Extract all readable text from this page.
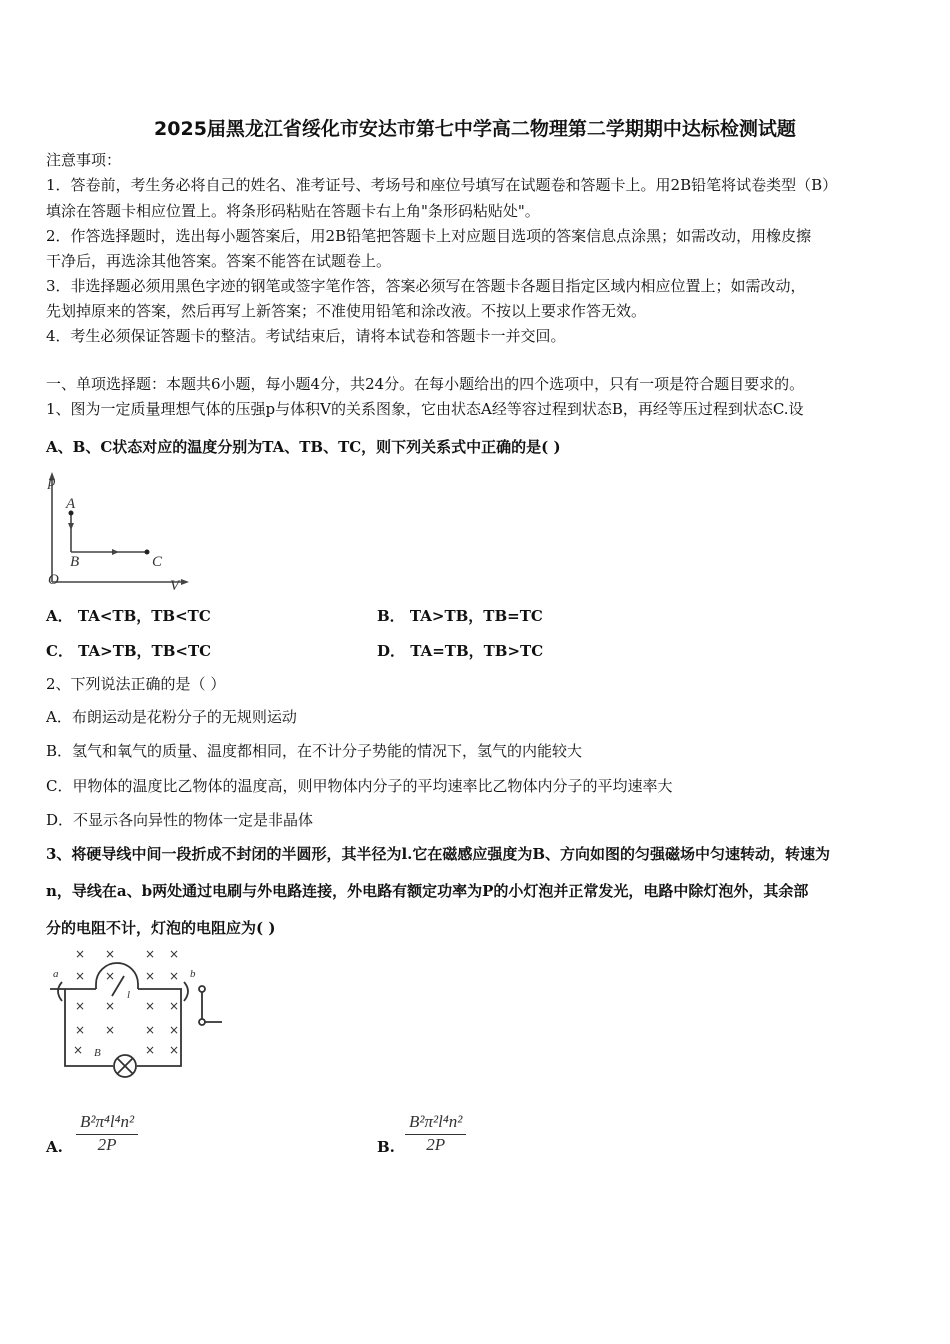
2025届黑龙江省绥化市安达市第七中学高二物理第二学期期中达标检测试题
注意事项：
1．答卷前，考生务必将自己的姓名、准考证号、考场号和座位号填写在试题卷和答题卡上。用2B铅笔将试卷类型（B）
填涂在答题卡相应位置上。将条形码粘贴在答题卡右上角"条形码粘贴处"。
2．作答选择题时，选出每小题答案后，用2B铅笔把答题卡上对应题目选项的答案信息点涂黑；如需改动，用橡皮擦
干净后，再选涂其他答案。答案不能答在试题卷上。
3．非选择题必须用黑色字迹的钢笔或签字笔作答，答案必须写在答题卡各题目指定区域内相应位置上；如需改动，
先划掉原来的答案，然后再写上新答案；不准使用铅笔和涂改液。不按以上要求作答无效。
4．考生必须保证答题卡的整洁。考试结束后，请将本试卷和答题卡一并交回。
一、单项选择题：本题共6小题，每小题4分，共24分。在每小题给出的四个选项中，只有一项是符合题目要求的。
1、图为一定质量理想气体的压强p与体积V的关系图象，它由状态A经等容过程到状态B，再经等压过程到状态C.设
A、B、C状态对应的温度分别为TA、TB、TC，则下列关系式中正确的是( )
p
A
B	C
O	V
A． TA<TB，TB<TC	B． TA>TB，TB=TC
C． TA>TB，TB<TC	D． TA=TB，TB>TC
2、下列说法正确的是（ ）
A．布朗运动是花粉分子的无规则运动
B．氢气和氧气的质量、温度都相同，在不计分子势能的情况下，氢气的内能较大
C．甲物体的温度比乙物体的温度高，则甲物体内分子的平均速率比乙物体内分子的平均速率大
D．不显示各向异性的物体一定是非晶体
3、将硬导线中间一段折成不封闭的半圆形，其半径为l.它在磁感应强度为B、方向如图的匀强磁场中匀速转动，转速为
n，导线在a、b两处通过电刷与外电路连接，外电路有额定功率为P的小灯泡并正常发光，电路中除灯泡外，其余部
分的电阻不计，灯泡的电阻应为( )
× × × ×
× × × ×
× × × ×
× × × ×
×	× ×
a	b
B
l
A. $\frac{\text{B²π⁴l⁴n²}}{2P}$	B. $\frac{\text{B²π²l⁴n²}}{2P}$
